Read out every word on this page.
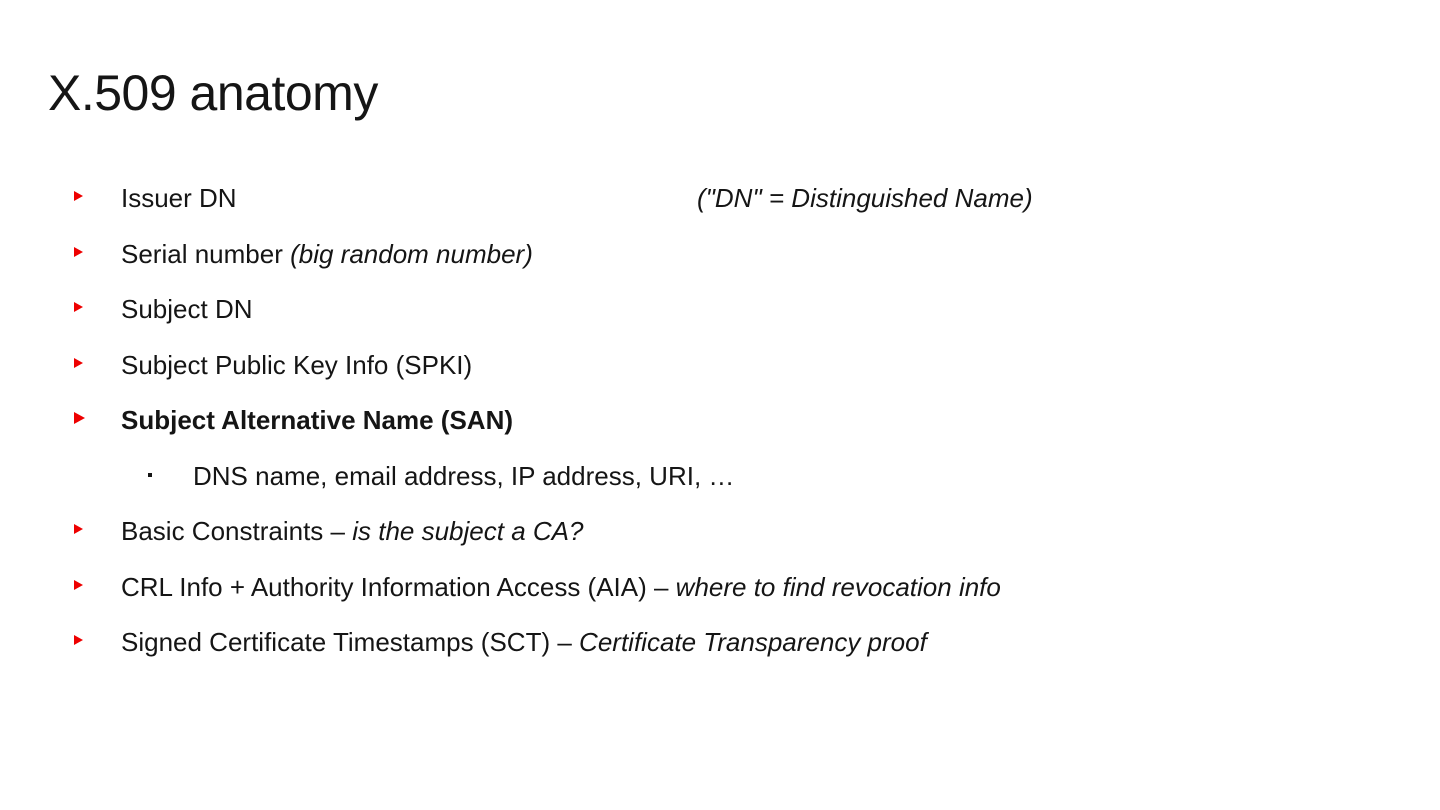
X.509 anatomy
Issuer DN	("DN" = Distinguished Name)
Serial number (big random number)
Subject DN
Subject Public Key Info (SPKI)
Subject Alternative Name (SAN)
DNS name, email address, IP address, URI, …
Basic Constraints – is the subject a CA?
CRL Info + Authority Information Access (AIA) – where to find revocation info
Signed Certificate Timestamps (SCT) – Certificate Transparency proof
